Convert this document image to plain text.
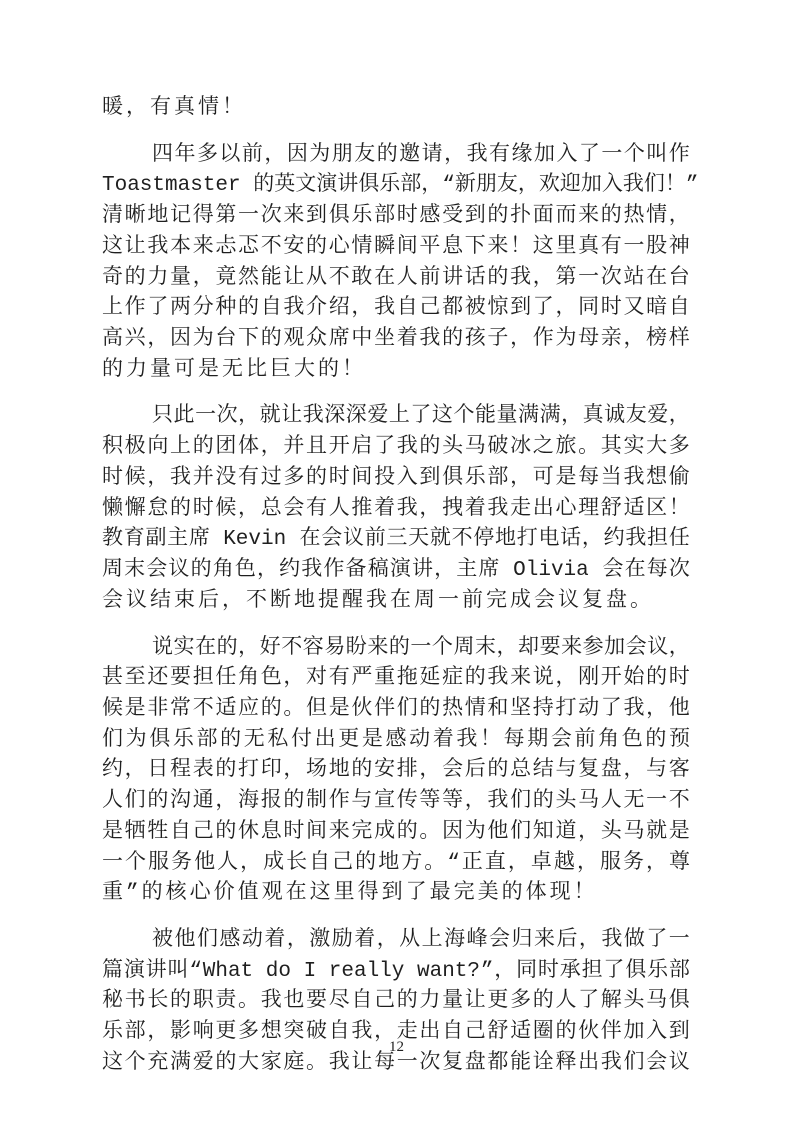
暖，有真情！

四 年 多 以 前 ， 因 为 朋 友 的 邀 请 ， 我 有 缘 加 入 了 一 个 叫 作
Toastmaster 的 英 文 演 讲 俱 乐 部 ， “ 新 朋 友 ， 欢 迎 加 入 我 们 ！ ”
清 晰 地 记 得 第 一 次 来 到 俱 乐 部 时 感 受 到 的 扑 面 而 来 的 热 情 ，
这 让 我 本 来 忐 忑 不 安 的 心 情 瞬 间 平 息 下 来 ！ 这 里 真 有 一 股 神
奇 的 力 量 ， 竟 然 能 让 从 不 敢 在 人 前 讲 话 的 我 ， 第 一 次 站 在 台
上 作 了 两 分 种 的 自 我 介 绍 ， 我 自 己 都 被 惊 到 了 ， 同 时 又 暗 自
高 兴 ， 因 为 台 下 的 观 众 席 中 坐 着 我 的 孩 子 ， 作 为 母 亲 ， 榜 样
的力量可是无比巨大的！

只 此 一 次 ， 就 让 我 深 深 爱 上 了 这 个 能 量 满 满 ， 真 诚 友 爱 ，
积 极 向 上 的 团 体 ， 并 且 开 启 了 我 的 头 马 破 冰 之 旅 。 其 实 大 多
时 候 ， 我 并 没 有 过 多 的 时 间 投 入 到 俱 乐 部 ， 可 是 每 当 我 想 偷
懒 懈 怠 的 时 候 ， 总 会 有 人 推 着 我 ， 拽 着 我 走 出 心 理 舒 适 区 ！
教 育 副 主 席 Kevin 在 会 议 前 三 天 就 不 停 地 打 电 话 ， 约 我 担 任
周 末 会 议 的 角 色 ， 约 我 作 备 稿 演 讲 ， 主 席 Olivia 会 在 每 次
会议结束后，不断地提醒我在周一前完成会议复盘。

说 实 在 的 ， 好 不 容 易 盼 来 的 一 个 周 末 ， 却 要 来 参 加 会 议 ，
甚 至 还 要 担 任 角 色 ， 对 有 严 重 拖 延 症 的 我 来 说 ， 刚 开 始 的 时
候 是 非 常 不 适 应 的 。 但 是 伙 伴 们 的 热 情 和 坚 持 打 动 了 我 ， 他
们 为 俱 乐 部 的 无 私 付 出 更 是 感 动 着 我 ！ 每 期 会 前 角 色 的 预
约 ， 日 程 表 的 打 印 ， 场 地 的 安 排 ， 会 后 的 总 结 与 复 盘 ， 与 客
人 们 的 沟 通 ， 海 报 的 制 作 与 宣 传 等 等 ， 我 们 的 头 马 人 无 一 不
是 牺 牲 自 己 的 休 息 时 间 来 完 成 的 。 因 为 他 们 知 道 ， 头 马 就 是
一 个 服 务 他 人 ， 成 长 自 己 的 地 方 。 “ 正 直 ， 卓 越 ， 服 务 ， 尊
重”的核心价值观在这里得到了最完美的体现！

被 他 们 感 动 着 ， 激 励 着 ， 从 上 海 峰 会 归 来 后 ， 我 做 了 一
篇 演 讲 叫 “ What do I really want? ” ， 同 时 承 担 了 俱 乐 部
秘 书 长 的 职 责 。 我 也 要 尽 自 己 的 力 量 让 更 多 的 人 了 解 头 马 俱
乐 部 ， 影 响 更 多 想 突 破 自 我 ， 走 出 自 己 舒 适 圈 的 伙 伴 加 入 到
这 个 充 满 爱 的 大 家 庭 。 我 让 每 一 次 复 盘 都 能 诠 释 出 我 们 会 议

12
